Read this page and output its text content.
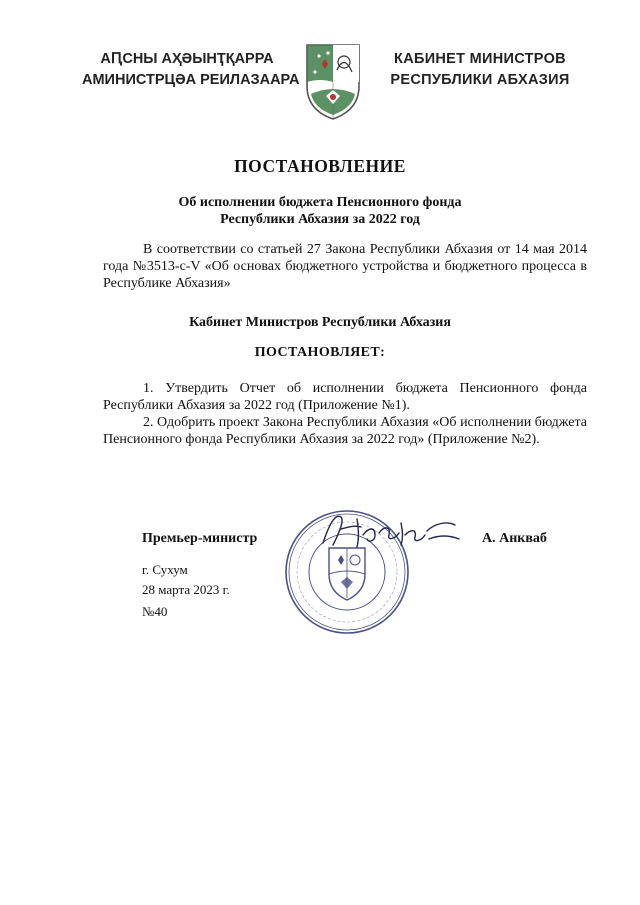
АԤСНЫ АҲӘЫНҬҚАРРА
АМИНИСТРЦӘА РЕИЛАЗААРА
КАБИНЕТ МИНИСТРОВ
РЕСПУБЛИКИ АБХАЗИЯ
ПОСТАНОВЛЕНИЕ
Об исполнении бюджета Пенсионного фонда
Республики Абхазия за 2022 год
В соответствии со статьей 27 Закона Республики Абхазия от 14 мая 2014 года №3513-с-V «Об основах бюджетного устройства и бюджетного процесса в Республике Абхазия»
Кабинет Министров Республики Абхазия
ПОСТАНОВЛЯЕТ:
1. Утвердить Отчет об исполнении бюджета Пенсионного фонда Республики Абхазия за 2022 год (Приложение №1).
2. Одобрить проект Закона Республики Абхазия «Об исполнении бюджета Пенсионного фонда Республики Абхазия за 2022 год» (Приложение №2).
Премьер-министр	А. Анкваб
г. Сухум
28 марта 2023 г.
№40
